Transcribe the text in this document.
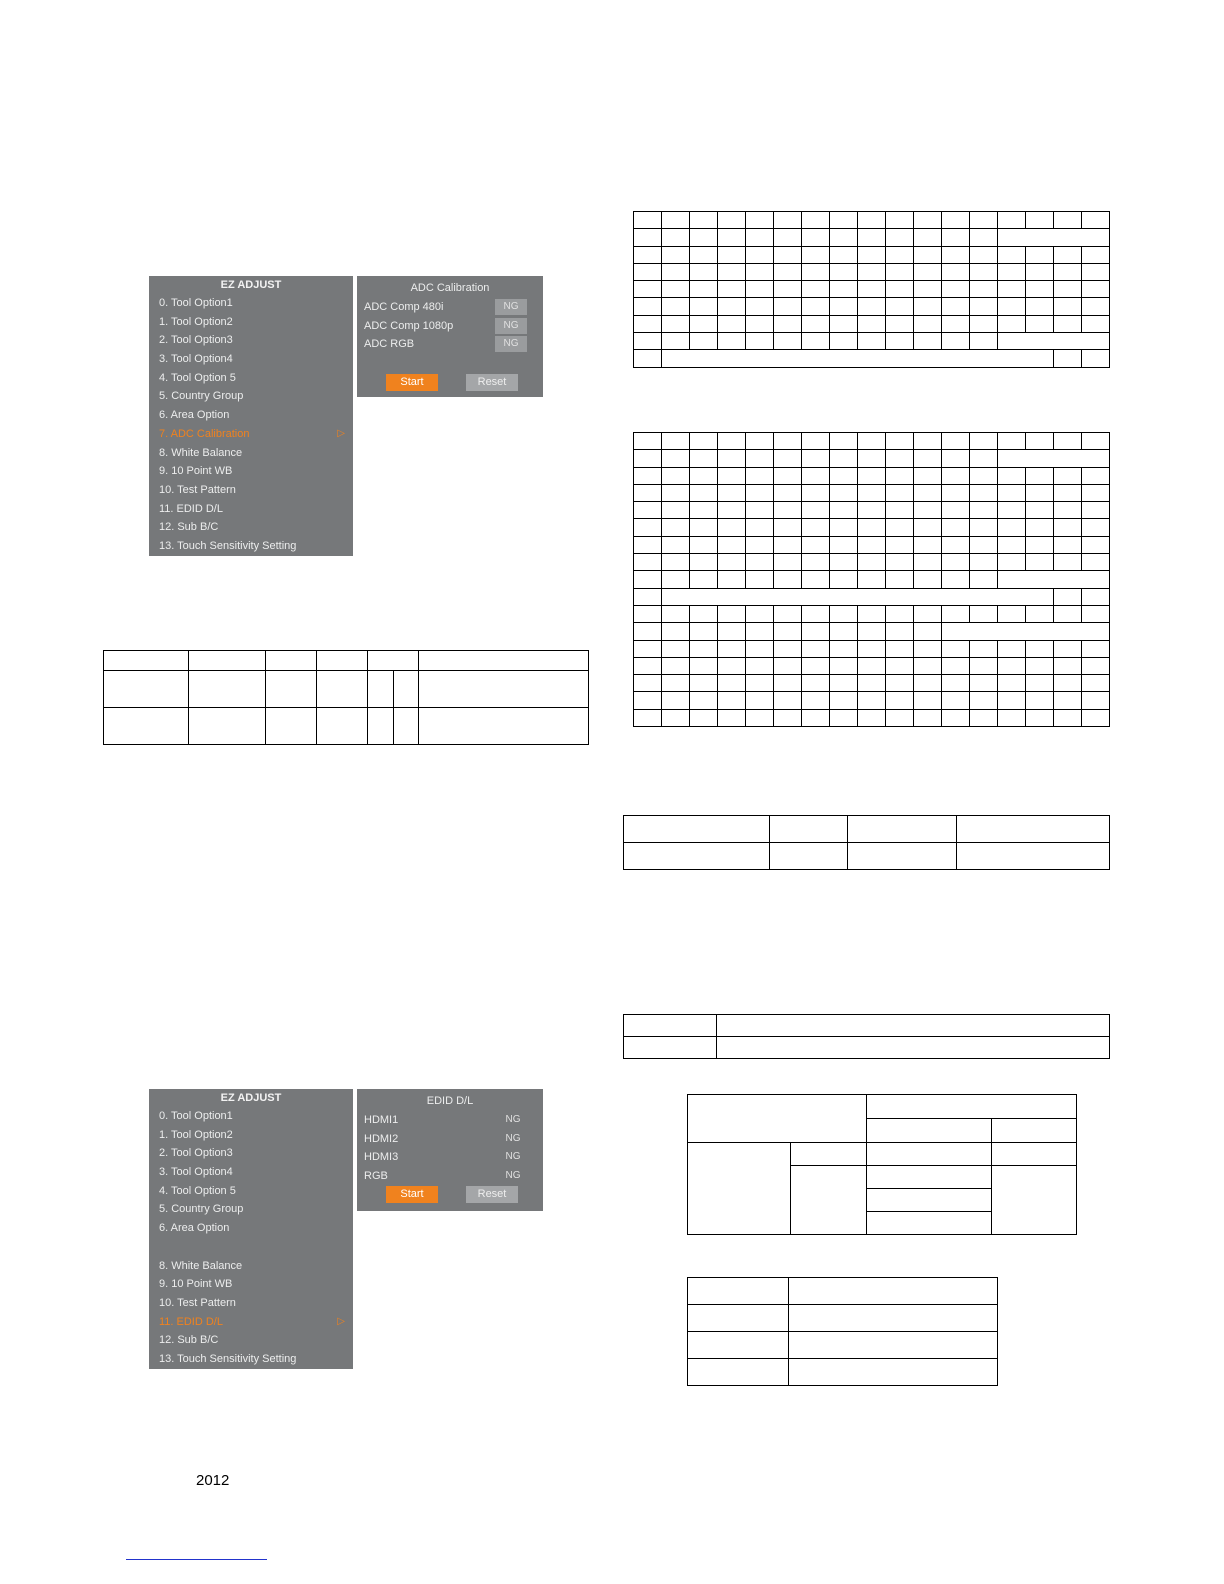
EZ ADJUST
0. Tool Option1
1. Tool Option2
2. Tool Option3
3. Tool Option4
4. Tool Option 5
5. Country Group
6. Area Option
7. ADC Calibration	▷
8. White Balance
9. 10 Point WB
10. Test Pattern
11. EDID D/L
12. Sub B/C
13. Touch Sensitivity Setting
ADC Calibration
ADC Comp 480i	NG
ADC Comp 1080p	NG
ADC RGB	NG
Start	Reset
EZ ADJUST
0. Tool Option1
1. Tool Option2
2. Tool Option3
3. Tool Option4
4. Tool Option 5
5. Country Group
6. Area Option
8. White Balance
9. 10 Point WB
10. Test Pattern
11. EDID D/L	▷
12. Sub B/C
13. Touch Sensitivity Setting
EDID D/L
HDMI1	NG
HDMI2	NG
HDMI3	NG
RGB	NG
Start	Reset

2012
